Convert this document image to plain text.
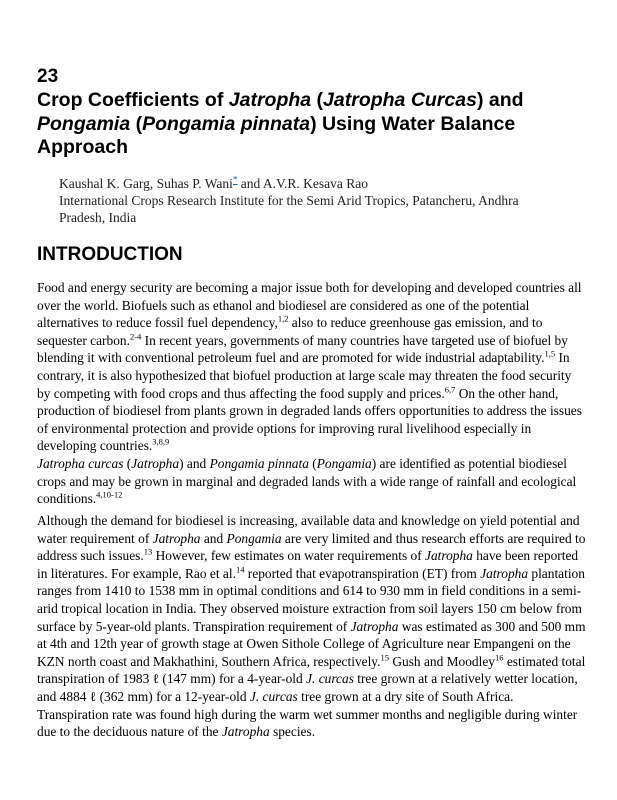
23
Crop Coefficients of Jatropha (Jatropha Curcas) and
Pongamia (Pongamia pinnata) Using Water Balance Approach
Kaushal K. Garg, Suhas P. Wani* and A.V.R. Kesava Rao
International Crops Research Institute for the Semi Arid Tropics, Patancheru, Andhra Pradesh, India
INTRODUCTION
Food and energy security are becoming a major issue both for developing and developed countries all over the world. Biofuels such as ethanol and biodiesel are considered as one of the potential alternatives to reduce fossil fuel dependency,$^{1,2}$ also to reduce greenhouse gas emission, and to sequester carbon.$^{2-4}$ In recent years, governments of many countries have targeted use of biofuel by blending it with conventional petroleum fuel and are promoted for wide industrial adaptability.$^{1,5}$ In contrary, it is also hypothesized that biofuel production at large scale may threaten the food security by competing with food crops and thus affecting the food supply and prices.$^{6,7}$ On the other hand, production of biodiesel from plants grown in degraded lands offers opportunities to address the issues of environmental protection and provide options for improving rural livelihood especially in developing countries.$^{3,8,9}$
Jatropha curcas (Jatropha) and Pongamia pinnata (Pongamia) are identified as potential biodiesel crops and may be grown in marginal and degraded lands with a wide range of rainfall and ecological conditions.$^{4,10-12}$
Although the demand for biodiesel is increasing, available data and knowledge on yield potential and water requirement of Jatropha and Pongamia are very limited and thus research efforts are required to address such issues.$^{13}$ However, few estimates on water requirements of Jatropha have been reported in literatures. For example, Rao et al.$^{14}$ reported that evapotranspiration (ET) from Jatropha plantation ranges from 1410 to 1538 mm in optimal conditions and 614 to 930 mm in field conditions in a semi-arid tropical location in India. They observed moisture extraction from soil layers 150 cm below from surface by 5-year-old plants. Transpiration requirement of Jatropha was estimated as 300 and 500 mm at 4th and 12th year of growth stage at Owen Sithole College of Agriculture near Empangeni on the KZN north coast and Makhathini, Southern Africa, respectively.$^{15}$ Gush and Moodley$^{16}$ estimated total transpiration of 1983 ℓ (147 mm) for a 4-year-old J. curcas tree grown at a relatively wetter location, and 4884 ℓ (362 mm) for a 12-year-old J. curcas tree grown at a dry site of South Africa. Transpiration rate was found high during the warm wet summer months and negligible during winter due to the deciduous nature of the Jatropha species.
